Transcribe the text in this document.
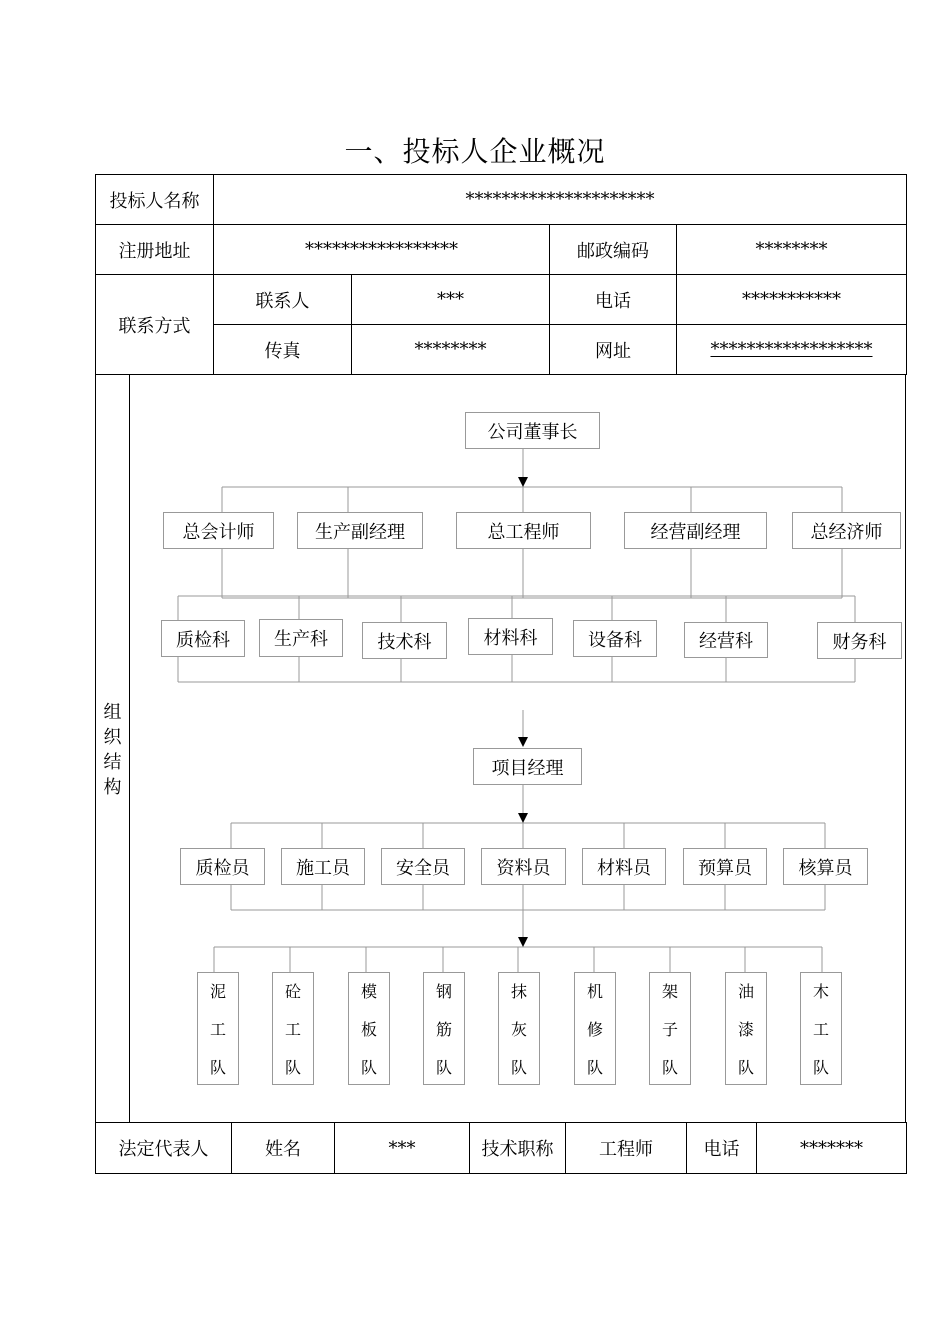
一、投标人企业概况
投标人名称	*********************			
注册地址	*****************		邮政编码	********
联系方式	联系人	***	电话	***********
	传真	********	网址	******************
组
织
结
构
公司董事长
总会计师	生产副经理	总工程师	经营副经理	总经济师
质检科	生产科	技术科	材料科	设备科	经营科	财务科
项目经理
质检员	施工员	安全员	资料员	材料员	预算员	核算员
泥
工
队
砼
工
队
模
板
队
钢
筋
队
抹
灰
队
机
修
队
架
子
队
油
漆
队
木
工
队
法定代表人	姓名	***	技术职称	工程师	电话	*******
